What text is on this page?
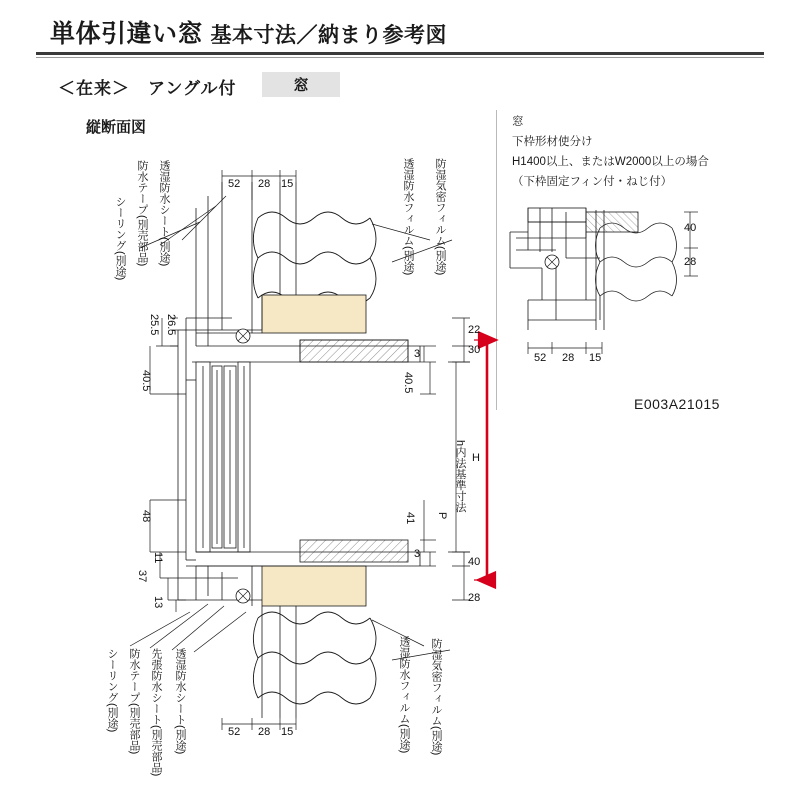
単体引違い窓 基本寸法／納まり参考図
＜在来＞　アングル付	窓
縦断面図	窓
下枠形材使分け
H1400以上、またはW2000以上の場合
（下枠固定フィン付・ねじ付）
E003A21015
シーリング(別途) 防水テープ(別売部品) 透湿防水シート(別途)	透湿防水フィルム(別途) 防湿気密フィルム(別途)
シーリング(別途) 防水テープ(別売部品) 先張防水シート(別売部品) 透湿防水シート(別途)	透湿防水フィルム(別途) 防湿気密フィルム(別途)
52 28 15
52 28 15
25.5 26.5
40.5
48
11
37
13
40.5
3
41
3
P
22
30
40
28
h内法基準寸法 H
40
28
52 28 15
